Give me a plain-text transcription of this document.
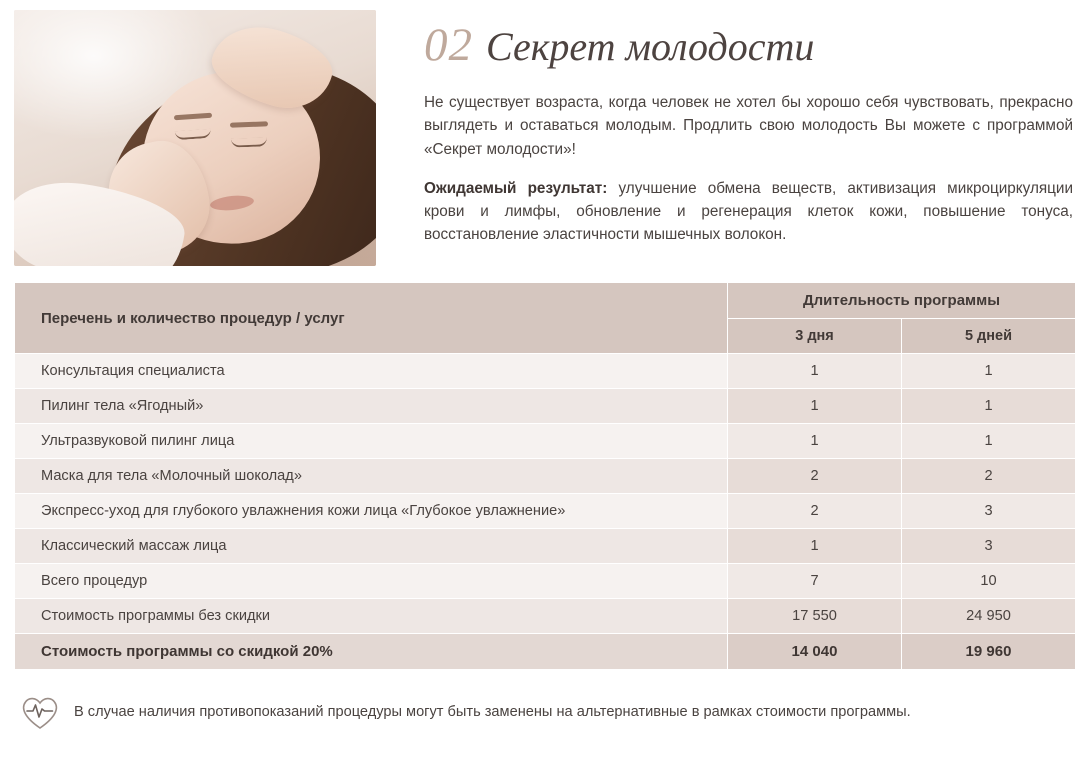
02 Секрет молодости

Не существует возраста, когда человек не хотел бы хорошо себя чувствовать, прекрасно выглядеть и оставаться молодым. Продлить свою молодость Вы можете с программой «Секрет молодости»!

Ожидаемый результат: улучшение обмена веществ, активизация микроциркуляции крови и лимфы, обновление и регенерация клеток кожи, повышение тонуса, восстановление эластичности мышечных волокон.

Перечень и количество процедур / услуг	Длительность программы	
	3 дня	5 дней
Консультация специалиста	1	1
Пилинг тела «Ягодный»	1	1
Ультразвуковой пилинг лица	1	1
Маска для тела «Молочный шоколад»	2	2
Экспресс-уход для глубокого увлажнения кожи лица «Глубокое увлажнение»	2	3
Классический массаж лица	1	3
Всего процедур	7	10
Стоимость программы без скидки	17 550	24 950
Стоимость программы со скидкой 20%	14 040	19 960
В случае наличия противопоказаний процедуры могут быть заменены на альтернативные в рамках стоимости программы.
